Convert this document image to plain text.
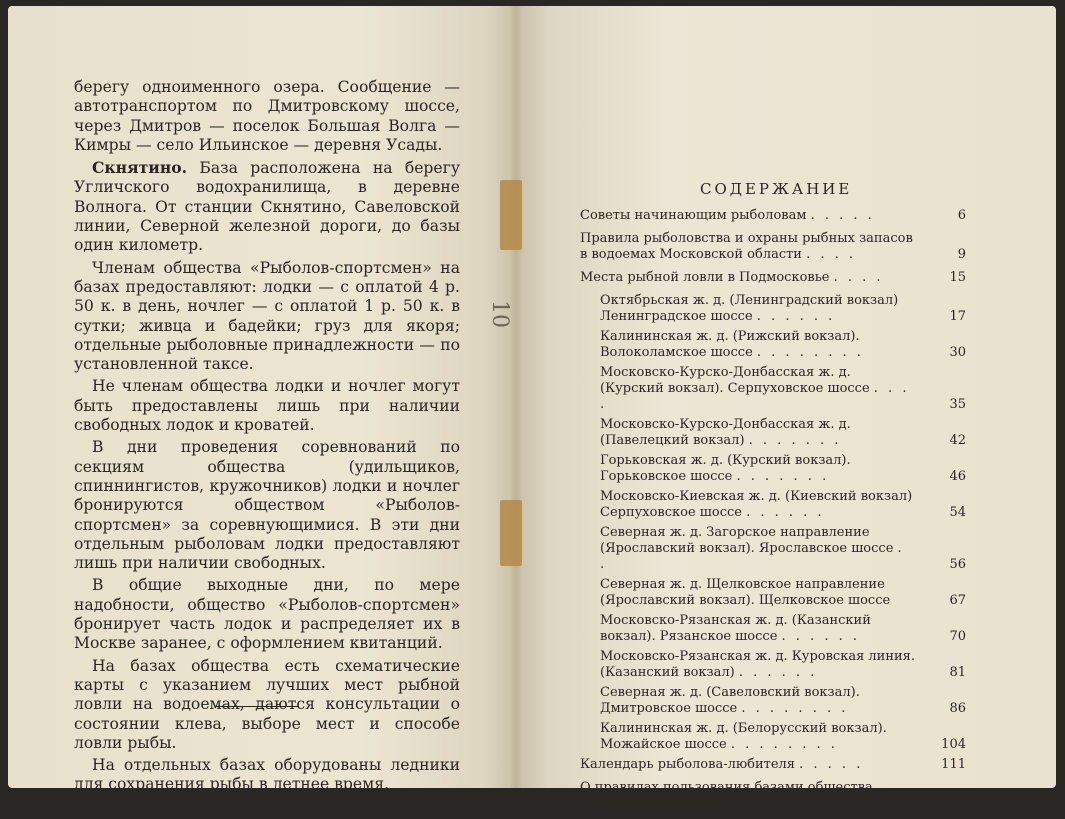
берегу одноименного озера. Сообщение — автотранспортом по Дмитровскому шоссе, через Дмитров — поселок Большая Волга — Кимры — село Ильинское — деревня Усады.

Скнятино. База расположена на берегу Угличского водохранилища, в деревне Волнога. От станции Скнятино, Савеловской линии, Северной железной дороги, до базы один километр.

Членам общества «Рыболов-спортсмен» на базах предоставляют: лодки — с оплатой 4 р. 50 к. в день, ночлег — с оплатой 1 р. 50 к. в сутки; живца и бадейки; груз для якоря; отдельные рыболовные принадлежности — по установленной таксе.

Не членам общества лодки и ночлег могут быть предоставлены лишь при наличии свободных лодок и кроватей.

В дни проведения соревнований по секциям общества (удильщиков, спиннингистов, кружочников) лодки и ночлег бронируются обществом «Рыболов-спортсмен» за соревнующимися. В эти дни отдельным рыболовам лодки предоставляют лишь при наличии свободных.

В общие выходные дни, по мере надобности, общество «Рыболов-спортсмен» бронирует часть лодок и распределяет их в Москве заранее, с оформлением квитанций.

На базах общества есть схематические карты с указанием лучших мест рыбной ловли на водоемах, даются консультации о состоянии клева, выборе мест и способе ловли рыбы.

На отдельных базах оборудованы ледники для сохранения рыбы в летнее время.

10
СОДЕРЖАНИЕ
Советы начинающим рыболовам . . . . .	6
Правила рыболовства и охраны рыбных запасов в водоемах Московской области . . . .	9
Места рыбной ловли в Подмосковье . . . .	15
Октябрьская ж. д. (Ленинградский вокзал) Ленинградское шоссе . . . . . .	17
Калининская ж. д. (Рижский вокзал). Волоколамское шоссе . . . . . . . .	30
Московско-Курско-Донбасская ж. д. (Курский вокзал). Серпуховское шоссе . . . .	35
Московско-Курско-Донбасская ж. д. (Павелецкий вокзал) . . . . . . .	42
Горьковская ж. д. (Курский вокзал). Горьковское шоссе . . . . . . .	46
Московско-Киевская ж. д. (Киевский вокзал) Серпуховское шоссе . . . . . .	54
Северная ж. д. Загорское направление (Ярославский вокзал). Ярославское шоссе . .	56
Северная ж. д. Щелковское направление (Ярославский вокзал). Щелковское шоссе	67
Московско-Рязанская ж. д. (Казанский вокзал). Рязанское шоссе . . . . . .	70
Московско-Рязанская ж. д. Куровская линия. (Казанский вокзал) . . . . . .	81
Северная ж. д. (Савеловский вокзал). Дмитровское шоссе . . . . . . . .	86
Калининская ж. д. (Белорусский вокзал). Можайское шоссе . . . . . . . .	104
Календарь рыболова-любителя . . . . .	111
О правилах пользования базами общества «Рыболов-спортсмен» . . . . . . . .	147
